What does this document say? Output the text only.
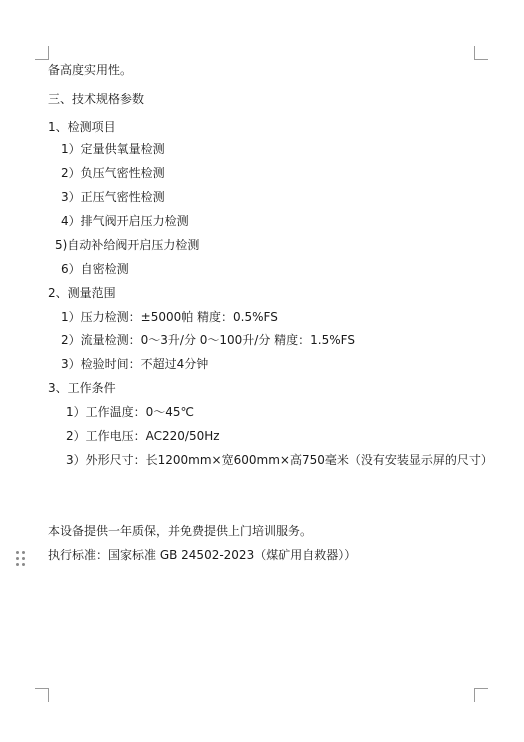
备高度实用性。
三、技术规格参数
1、检测项目
1）定量供氧量检测
2）负压气密性检测
3）正压气密性检测
4）排气阀开启压力检测
5)自动补给阀开启压力检测
6）自密检测
2、测量范围
1）压力检测：±5000帕 精度：0.5%FS
2）流量检测：0～3升/分 0～100升/分 精度：1.5%FS
3）检验时间：不超过4分钟
3、工作条件
1）工作温度：0～45℃
2）工作电压：AC220/50Hz
3）外形尺寸：长1200mm×宽600mm×高750毫米（没有安装显示屏的尺寸）
本设备提供一年质保，并免费提供上门培训服务。
执行标准：国家标准 GB 24502-2023（煤矿用自救器））
